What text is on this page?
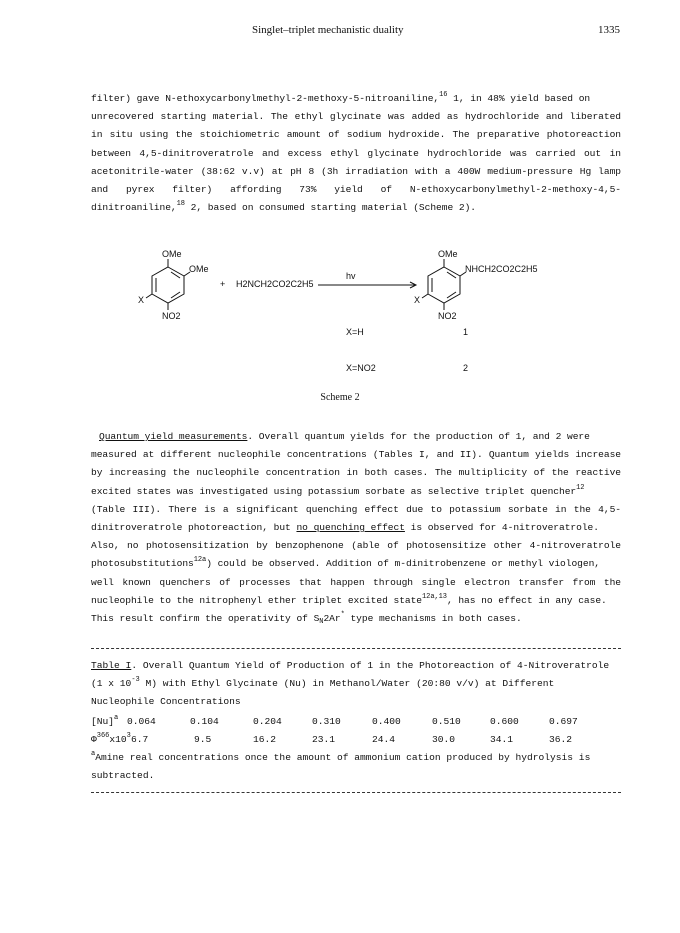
Singlet–triplet mechanistic duality	1335
filter) gave N-ethoxycarbonylmethyl-2-methoxy-5-nitroaniline,$^{16}$ 1, in 48% yield based on
unrecovered starting material. The ethyl glycinate was added as hydrochloride and liberated
in situ using the stoichiometric amount of sodium hydroxide. The preparative photoreaction
between 4,5-dinitroveratrole and excess ethyl glycinate hydrochloride was carried out in
acetonitrile-water (38:62 v.v) at pH 8 (3h irradiation with a 400W medium-pressure Hg lamp
and pyrex filter) affording 73% yield of N-ethoxycarbonylmethyl-2-methoxy-4,5-
dinitroaniline,$^{18}$ 2, based on consumed starting material (Scheme 2).
OMe
OMe
X
NO2
+ H2NCH2CO2C2H5
hv
OMe
NHCH2CO2C2H5
X
NO2
X=H	1
X=NO2	2
Scheme 2
Quantum yield measurements. Overall quantum yields for the production of 1, and 2 were
measured at different nucleophile concentrations (Tables I, and II). Quantum yields increase
by increasing the nucleophile concentration in both cases. The multiplicity of the reactive
excited states was investigated using potassium sorbate as selective triplet quencher$^{12}$
(Table III). There is a significant quenching effect due to potassium sorbate in the 4,5-
dinitroveratrole photoreaction, but no quenching effect is observed for 4-nitroveratrole.
Also, no photosensitization by benzophenone (able of photosensitize other 4-nitroveratrole
photosubstitutions$^{12a}$) could be observed. Addition of m-dinitrobenzene or methyl viologen,
well known quenchers of processes that happen through single electron transfer from the
nucleophile to the nitrophenyl ether triplet excited state$^{12a,13}$, has no effect in any case.
This result confirm the operativity of $S_N2Ar^*$ type mechanisms in both cases.
Table I. Overall Quantum Yield of Production of 1 in the Photoreaction of 4-Nitroveratrole
(1 x $10^{-3}$ M) with Ethyl Glycinate (Nu) in Methanol/Water (20:80 v/v) at Different
Nucleophile Concentrations
$[Nu]^a$ 0.064	0.104	0.204	0.310	0.400	0.510	0.600	0.697
$\Phi^{366}x10^3$ 6.7	9.5	16.2	23.1	24.4	30.0	34.1	36.2
$^a$Amine real concentrations once the amount of ammonium cation produced by hydrolysis is
subtracted.
